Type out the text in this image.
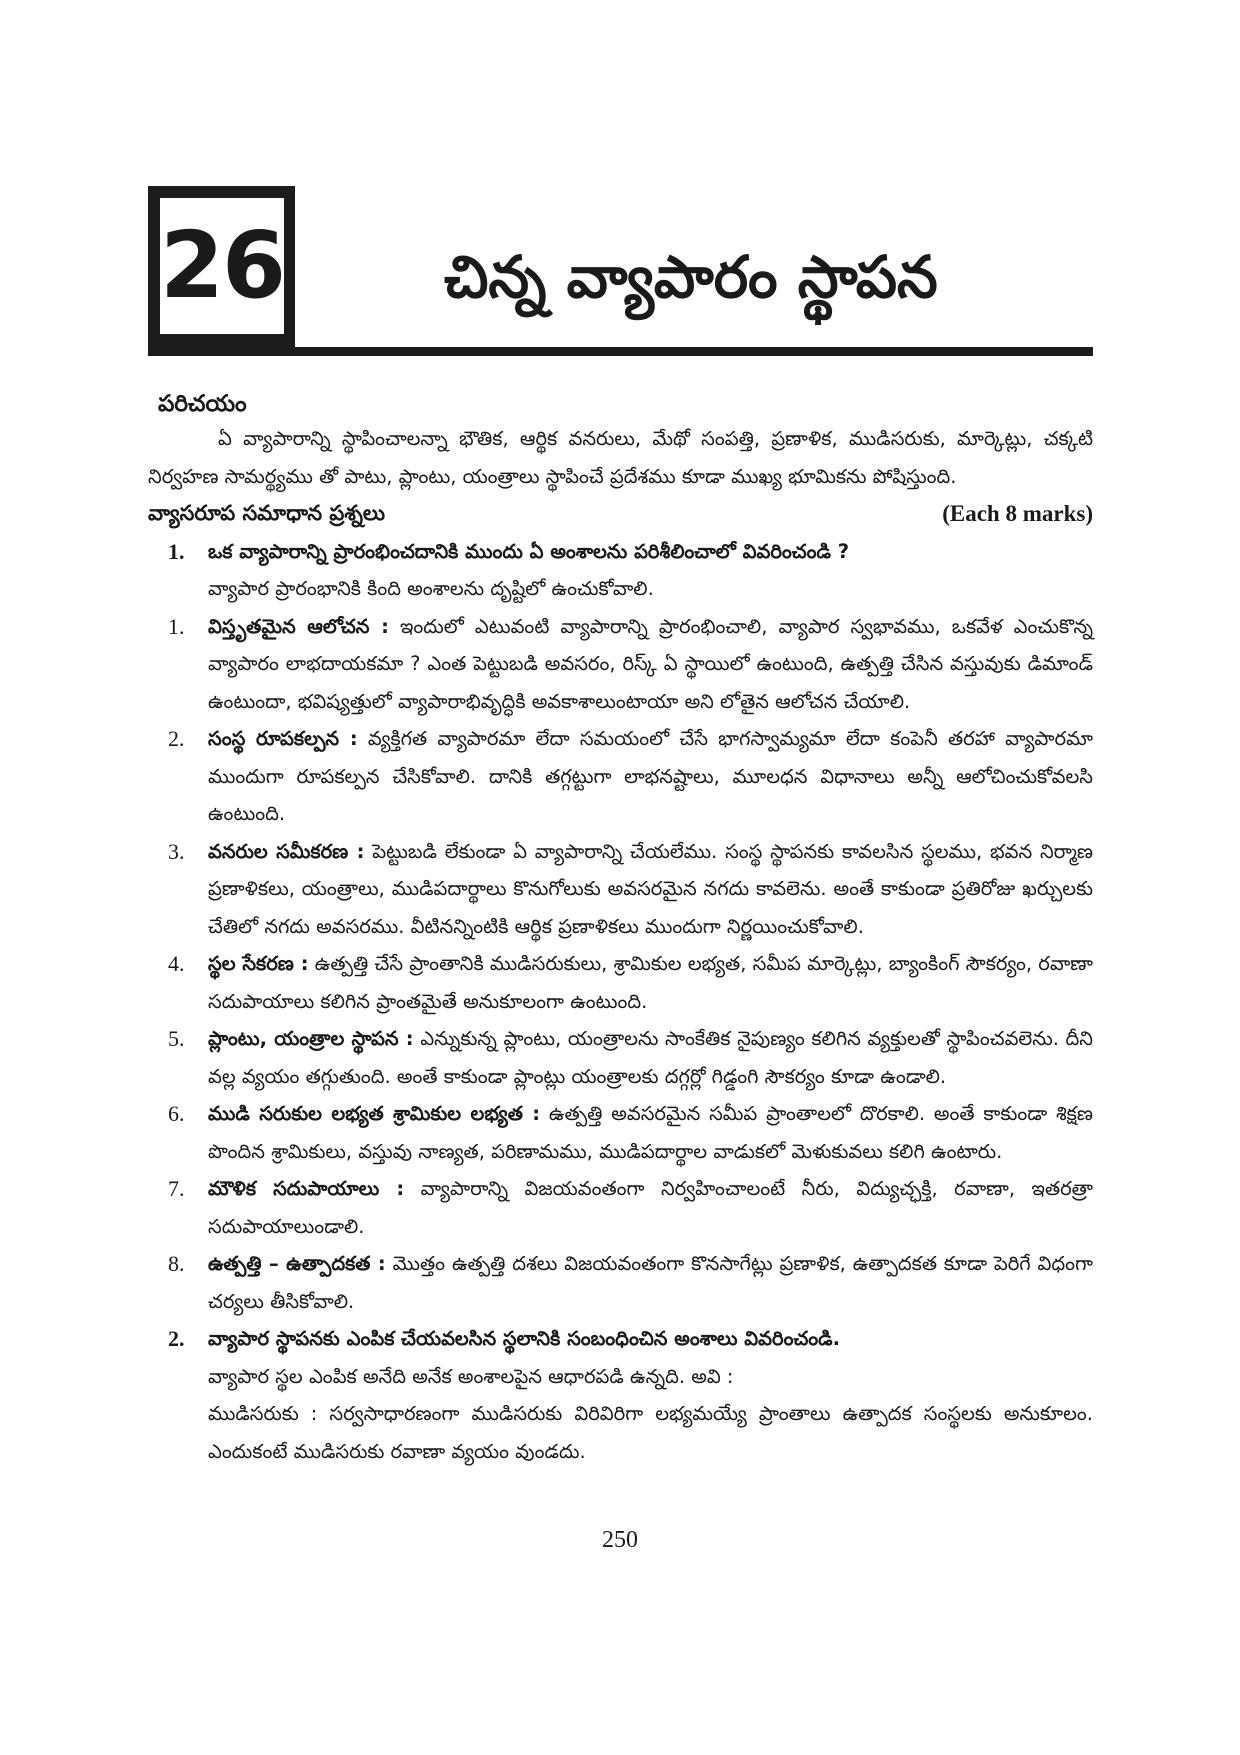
26	చిన్న వ్యాపారం స్థాపన

పరిచయం

ఏ వ్యాపారాన్ని స్థాపించాలన్నా భౌతిక, ఆర్థిక వనరులు, మేథో సంపత్తి, ప్రణాళిక, ముడిసరుకు, మార్కెట్లు, చక్కటి నిర్వహణ సామర్థ్యము తో పాటు, ప్లాంటు, యంత్రాలు స్థాపించే ప్రదేశము కూడా ముఖ్య భూమికను పోషిస్తుంది.

వ్యాసరూప సమాధాన ప్రశ్నలు	(Each 8 marks)
1.	ఒక వ్యాపారాన్ని ప్రారంభించదానికి ముందు ఏ అంశాలను పరిశీలించాలో వివరించండి ?

వ్యాపార ప్రారంభానికి కింది అంశాలను దృష్టిలో ఉంచుకోవాలి.

1.	విస్తృతమైన ఆలోచన : ఇందులో ఎటువంటి వ్యాపారాన్ని ప్రారంభించాలి, వ్యాపార స్వభావము, ఒకవేళ ఎంచుకొన్న వ్యాపారం లాభదాయకమా ? ఎంత పెట్టుబడి అవసరం, రిస్క్ ఏ స్థాయిలో ఉంటుంది, ఉత్పత్తి చేసిన వస్తువుకు డిమాండ్ ఉంటుందా, భవిష్యత్తులో వ్యాపారాభివృద్ధికి అవకాశాలుంటాయా అని లోతైన ఆలోచన చేయాలి.
2.	సంస్థ రూపకల్పన : వ్యక్తిగత వ్యాపారమా లేదా సమయంలో చేసే భాగస్వామ్యమా లేదా కంపెనీ తరహా వ్యాపారమా ముందుగా రూపకల్పన చేసికోవాలి. దానికి తగ్గట్టుగా లాభనష్టాలు, మూలధన విధానాలు అన్నీ ఆలోచించుకోవలసి ఉంటుంది.
3.	వనరుల సమీకరణ : పెట్టుబడి లేకుండా ఏ వ్యాపారాన్ని చేయలేము. సంస్థ స్థాపనకు కావలసిన స్థలము, భవన నిర్మాణ ప్రణాళికలు, యంత్రాలు, ముడిపదార్థాలు కొనుగోలుకు అవసరమైన నగదు కావలెను. అంతే కాకుండా ప్రతిరోజు ఖర్చులకు చేతిలో నగదు అవసరము. వీటినన్నింటికి ఆర్థిక ప్రణాళికలు ముందుగా నిర్ణయించుకోవాలి.
4.	స్థల సేకరణ : ఉత్పత్తి చేసే ప్రాంతానికి ముడిసరుకులు, శ్రామికుల లభ్యత, సమీప మార్కెట్లు, బ్యాంకింగ్ సౌకర్యం, రవాణా సదుపాయాలు కలిగిన ప్రాంతమైతే అనుకూలంగా ఉంటుంది.
5.	ప్లాంటు, యంత్రాల స్థాపన : ఎన్నుకున్న ప్లాంటు, యంత్రాలను సాంకేతిక నైపుణ్యం కలిగిన వ్యక్తులతో స్థాపించవలెను. దీని వల్ల వ్యయం తగ్గుతుంది. అంతే కాకుండా ప్లాంట్లు యంత్రాలకు దగ్గర్లో గిడ్డంగి సౌకర్యం కూడా ఉండాలి.
6.	ముడి సరుకుల లభ్యత శ్రామికుల లభ్యత : ఉత్పత్తి అవసరమైన సమీప ప్రాంతాలలో దొరకాలి. అంతే కాకుండా శిక్షణ పొందిన శ్రామికులు, వస్తువు నాణ్యత, పరిణామము, ముడిపదార్థాల వాడుకలో మెళుకువలు కలిగి ఉంటారు.
7.	మౌళిక సదుపాయాలు : వ్యాపారాన్ని విజయవంతంగా నిర్వహించాలంటే నీరు, విద్యుచ్ఛక్తి, రవాణా, ఇతరత్రా సదుపాయాలుండాలి.
8.	ఉత్పత్తి – ఉత్పాదకత : మొత్తం ఉత్పత్తి దశలు విజయవంతంగా కొనసాగేట్లు ప్రణాళిక, ఉత్పాదకత కూడా పెరిగే విధంగా చర్యలు తీసికోవాలి.
2.	వ్యాపార స్థాపనకు ఎంపిక చేయవలసిన స్థలానికి సంబంధించిన అంశాలు వివరించండి.

వ్యాపార స్థల ఎంపిక అనేది అనేక అంశాలపైన ఆధారపడి ఉన్నది. అవి :

ముడిసరుకు : సర్వసాధారణంగా ముడిసరుకు విరివిరిగా లభ్యమయ్యే ప్రాంతాలు ఉత్పాదక సంస్థలకు అనుకూలం. ఎందుకంటే ముడిసరుకు రవాణా వ్యయం వుండదు.

250
